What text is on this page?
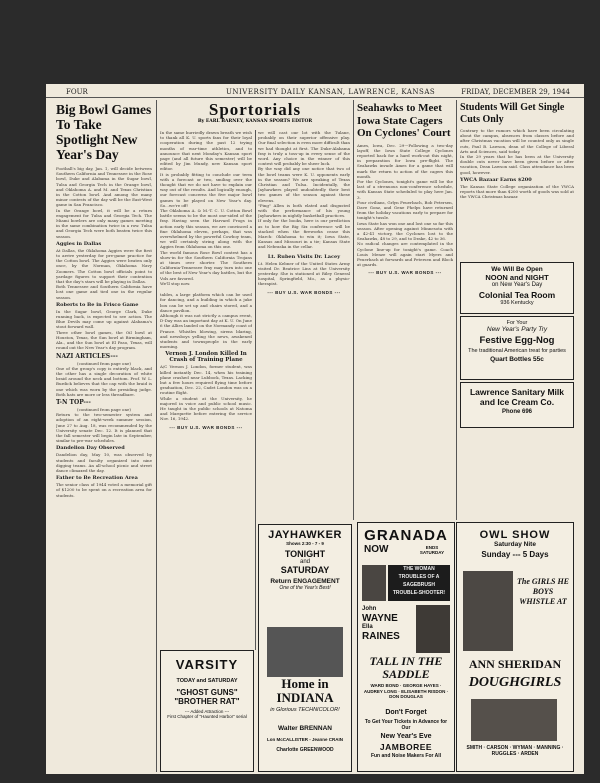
FOUR	UNIVERSITY DAILY KANSAN, LAWRENCE, KANSAS	FRIDAY, DECEMBER 29, 1944
Big Bowl Games To Take Spotlight New Year's Day
Football's big day, Jan. 1, will decide between Southern California and Tennessee in the Rose bowl, Duke and Alabama in the Sugar bowl, Tulsa and Georgia Tech in the Orange bowl, and Oklahoma A. and M. and Texas Christian in the Cotton bowl. And among the many minor contests of the day will be the East-West game in San Francisco.
In the Orange bowl, it will be a return engagement for Tulsa and Georgia Tech. The Miami bowlers are only many games meeting in the same combination twice in a row. Tulsa and Georgia Tech were both beaten twice this season.
Aggies in Dallas
At Dallas, the Oklahoma Aggies were the first to arrive yesterday for pre-game practice for the Cotton bowl. The Aggies were beaten only once, by the Norman, Oklahoma Navy Zoomers. The Cotton bowl officials point to yardage figures to support their contention that the day's stars will be playing in Dallas.
Both Tennessee and Southern California have lost one game and tied one in the regular season.
Roberts to Be in Frisco Game
In the Sugar bowl, George Clark, Duke running back, is expected to see action. The Blue Devils may come up against Alabama's stout forward wall.
Three other bowl games, the Oil bowl at Houston, Texas, the Sun bowl at Birmingham, Ala., and the Sun bowl at El Paso, Texas, will round out the New Year's day program.
NAZI ARTICLES---
(continued from page one)
One of the group's copy is entirely black, and the other has a single decoration of white braid around the neck and bottom. Prof. W. L. Burdick believes that the cap with the braid is one which was worn by the presiding judge. Both hats are more or less threadbare.
T-N TOP---
(continued from page one)
Return to the two-semester system and adoption of an eight-week summer session, June 27 to Aug. 18, was recommended by the University senate Dec. 12. It is planned that the fall semester will begin late in September, similar to pre-war schedules.
Dandelion Day Observed
Dandelion day, May 10, was observed by students and faculty organized into nine digging teams. An all-school picnic and street dance climaxed the day.
Father to Be Recreation Area
The senior class of 1944 voted a memorial gift of $1200 to be spent on a recreation area for students.
Sportorials
By EARL BARNEY, KANSAN SPORTS EDITOR
In the same hurriedly drawn breath we wish to thank all K. U. sports fans for their loyal cooperation during the past 12 trying months of war-time athletics, and to announce that next Monday's Kansan sport page (and all future this semester) will be edited by Jim Mundy, new Kansan sport editor.
It is probably fitting to conclude our term with a forecast or two, smiling over the thought that we do not have to explain our way out of the results. And logically enough, our forecast concerns the five major bowl games to be played on New Year's day. So...we're off!
The Oklahoma A. & M.-T. C. U. Cotton Bowl battle seems to be the most one-sided of the fray. Having seen the Harvard Frogs in action early this season, we are convinced a fine Oklahoma eleven, perhaps, that was overwhelmed by the powerful Cowboy team, we will certainly string along with the Aggies from Oklahoma on this one.
The world famous Rose Bowl contest has a show-in for the Southern California Trojans at times over shorter. The Southern California-Tennessee fray may turn into one of the best of New Year's day battles, but the Vols are favored.
We'll stop now.
tables, a large platform which can be used for dancing, and a building in which a juke box can be set up and chairs stored, and a dance pavilion.
Although it was not strictly a campus event, D-Day was an important day at K. U. On June 6 the Allies landed on the Normandy coast of France. Whistles blowing, sirens blaring, and newsboys yelling the news, awakened students and townspeople in the early morning.
Vernon J. London Killed In Crash of Training Plane
A/C Vernon J. London, former student, was killed instantly Dec. 14, when his training plane crashed near Lubbock, Texas. Lacking but a few hours required flying time before graduation, Dec. 22, Cadet London was on a routine flight.
While a student at the University, he majored in voice and public school music. He taught in the public schools at Natoma and Marquette before entering the service Nov. 16, 1942.
--- BUY U.S. WAR BONDS ---
we will cast our lot with the Tulane, probably on their superior offensive play. Our final selection is even more difficult than we had thought at first. The Duke-Alabama fray is truly a toss-up in every sense of the word. Any choice in the winner of this contest will probably be sheer luck.
By the way did any one notice that two of the bowl teams were K. U. opponents early in the season? We are speaking of Texas Christian and Tulsa. Incidentally, the Jayhawkers played undoubtedly their best two games of the season against these elevens.
"Ping" Allen is both elated and disgusted with the performance of his young Jayhawkers in nightly basketball practices.
If only for the books, here is our prediction as to how the Big Six conference will be stacked when the fireworks cease this March: Oklahoma to win it; Iowa State, Kansas and Missouri in a tie; Kansas State and Nebraska in the cellar.
Lt. Ruben Visits Dr. Lacey
Lt. Helen Kebner of the United States Army visited Dr. Beatrice Lins at the University yesterday. She is stationed at Riley General hospital, Springfield, Mo., as a physio-therapist.
--- BUY U.S. WAR BONDS ---
JAYHAWKER
Shows 2:30 - 7 - 9
TONIGHT
and
SATURDAY
Return ENGAGEMENT
One of the Year's Best!
Home in INDIANA
in Glorious TECHNICOLOR!
Walter BRENNAN
Lon McCALLISTER - Jeanne CRAIN
Charlotte GREENWOOD
VARSITY
TODAY and SATURDAY
"GHOST GUNS"
"BROTHER RAT"
--- Added Attraction ---
First Chapter of "Haunted Harbor" serial
Seahawks to Meet Iowa State Cagers On Cyclones' Court
Ames, Iowa, Dec. 29---Following a two-day layoff, the Iowa State College Cyclones reported back for a hard work-out this night, in preparation for Iowa pre-flight. The Seahawks invade Ames for a game that will mark the return to action of the cagers this month.
For the Cyclones, tonight's game will be the last of a strenuous non-conference schedule, with Kansas State scheduled to play here Jan. 3.
Four civilians, Grlyn Feuerbach, Bob Petersen, Dave Gonz, and Gene Phelps have returned from the holiday vacations early to prepare for tonight's tussle.
Iowa State has won one and lost one so far this season. After opening against Minnesota with a 42-41 victory, the Cyclones lost to the Seahawks, 48 to 29, and to Drake, 42 to 36.
No radical changes are contemplated in the Cyclone line-up for tonight's game. Coach Louis Menze will again start Myers and Feuerbach at forwards and Petersen and Block at guards.
--- BUY U.S. WAR BONDS ---
Students Will Get Single Cuts Only
Contrary to the rumors which have been circulating about the campus, absences from classes before and after Christmas vacation will be counted only as single cuts, Paul B. Lawson, dean of the College of Liberal Arts and Sciences, said today.
In the 29 years that he has been at the University double cuts never have been given before or after vacation, Dean Lawson said. Class attendance has been good, however.
YWCA Bazaar Earns $200
The Kansas State College organization of the YWCA reports that more than $200 worth of goods was sold at the YWCA Christmas bazaar.
We Will Be Open
NOON and NIGHT
on New Year's Day
Colonial Tea Room
936 Kentucky
For Your
New Year's Party Try
Festive Egg-Nog
The traditional American treat for parties
Quart Bottles 55c
Lawrence Sanitary Milk and Ice Cream Co.
Phone 696
GRANADA
NOW	ENDS SATURDAY
THE WOMAN
TROUBLES OF A
SAGEBRUSH
TROUBLE-SHOOTER!
John
WAYNE
Ella
RAINES
TALL IN THE SADDLE
WARD BOND · GEORGE HAYES · AUDREY LONG · ELISABETH RISDON · DON DOUGLAS
Don't Forget
To Get Your Tickets in Advance for Our
New Year's Eve
JAMBOREE
Fun and Noise Makers For All
OWL SHOW
Saturday Nite
Sunday --- 5 Days
The GIRLS HE BOYS WHISTLE AT
ANN SHERIDAN
DOUGHGIRLS
SMITH · CARSON · WYMAN · MANNING · RUGGLES · ARDEN
